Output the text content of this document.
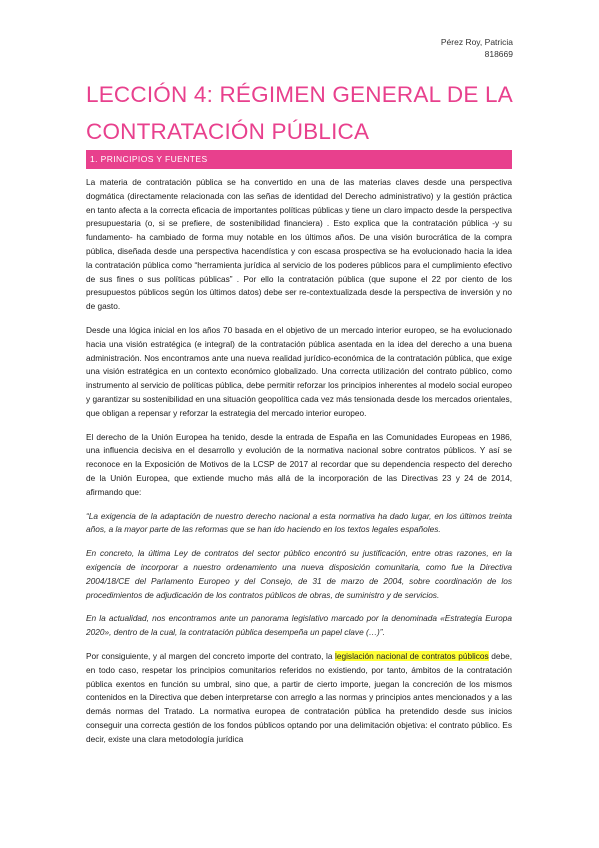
Pérez Roy, Patricia
818669
LECCIÓN 4: RÉGIMEN GENERAL DE LA CONTRATACIÓN PÚBLICA
1. PRINCIPIOS Y FUENTES

La materia de contratación pública se ha convertido en una de las materias claves desde una perspectiva dogmática (directamente relacionada con las señas de identidad del Derecho administrativo) y la gestión práctica en tanto afecta a la correcta eficacia de importantes políticas públicas y tiene un claro impacto desde la perspectiva presupuestaria (o, si se prefiere, de sostenibilidad financiera) . Esto explica que la contratación pública -y su fundamento- ha cambiado de forma muy notable en los últimos años. De una visión burocrática de la compra pública, diseñada desde una perspectiva hacendística y con escasa prospectiva se ha evolucionado hacia la idea la contratación pública como “herramienta jurídica al servicio de los poderes públicos para el cumplimiento efectivo de sus fines o sus políticas públicas” . Por ello la contratación pública (que supone el 22 por ciento de los presupuestos públicos según los últimos datos) debe ser re-contextualizada desde la perspectiva de inversión y no de gasto.

Desde una lógica inicial en los años 70 basada en el objetivo de un mercado interior europeo, se ha evolucionado hacia una visión estratégica (e integral) de la contratación pública asentada en la idea del derecho a una buena administración. Nos encontramos ante una nueva realidad jurídico-económica de la contratación pública, que exige una visión estratégica en un contexto económico globalizado. Una correcta utilización del contrato público, como instrumento al servicio de políticas pública, debe permitir reforzar los principios inherentes al modelo social europeo y garantizar su sostenibilidad en una situación geopolítica cada vez más tensionada desde los mercados orientales, que obligan a repensar y reforzar la estrategia del mercado interior europeo.

El derecho de la Unión Europea ha tenido, desde la entrada de España en las Comunidades Europeas en 1986, una influencia decisiva en el desarrollo y evolución de la normativa nacional sobre contratos públicos. Y así se reconoce en la Exposición de Motivos de la LCSP de 2017 al recordar que su dependencia respecto del derecho de la Unión Europea, que extiende mucho más allá de la incorporación de las Directivas 23 y 24 de 2014, afirmando que:

“La exigencia de la adaptación de nuestro derecho nacional a esta normativa ha dado lugar, en los últimos treinta años, a la mayor parte de las reformas que se han ido haciendo en los textos legales españoles.

En concreto, la última Ley de contratos del sector público encontró su justificación, entre otras razones, en la exigencia de incorporar a nuestro ordenamiento una nueva disposición comunitaria, como fue la Directiva 2004/18/CE del Parlamento Europeo y del Consejo, de 31 de marzo de 2004, sobre coordinación de los procedimientos de adjudicación de los contratos públicos de obras, de suministro y de servicios.

En la actualidad, nos encontramos ante un panorama legislativo marcado por la denominada «Estrategia Europa 2020», dentro de la cual, la contratación pública desempeña un papel clave (…)”.

Por consiguiente, y al margen del concreto importe del contrato, la legislación nacional de contratos públicos debe, en todo caso, respetar los principios comunitarios referidos no existiendo, por tanto, ámbitos de la contratación pública exentos en función su umbral, sino que, a partir de cierto importe, juegan la concreción de los mismos contenidos en la Directiva que deben interpretarse con arreglo a las normas y principios antes mencionados y a las demás normas del Tratado. La normativa europea de contratación pública ha pretendido desde sus inicios conseguir una correcta gestión de los fondos públicos optando por una delimitación objetiva: el contrato público. Es decir, existe una clara metodología jurídica
